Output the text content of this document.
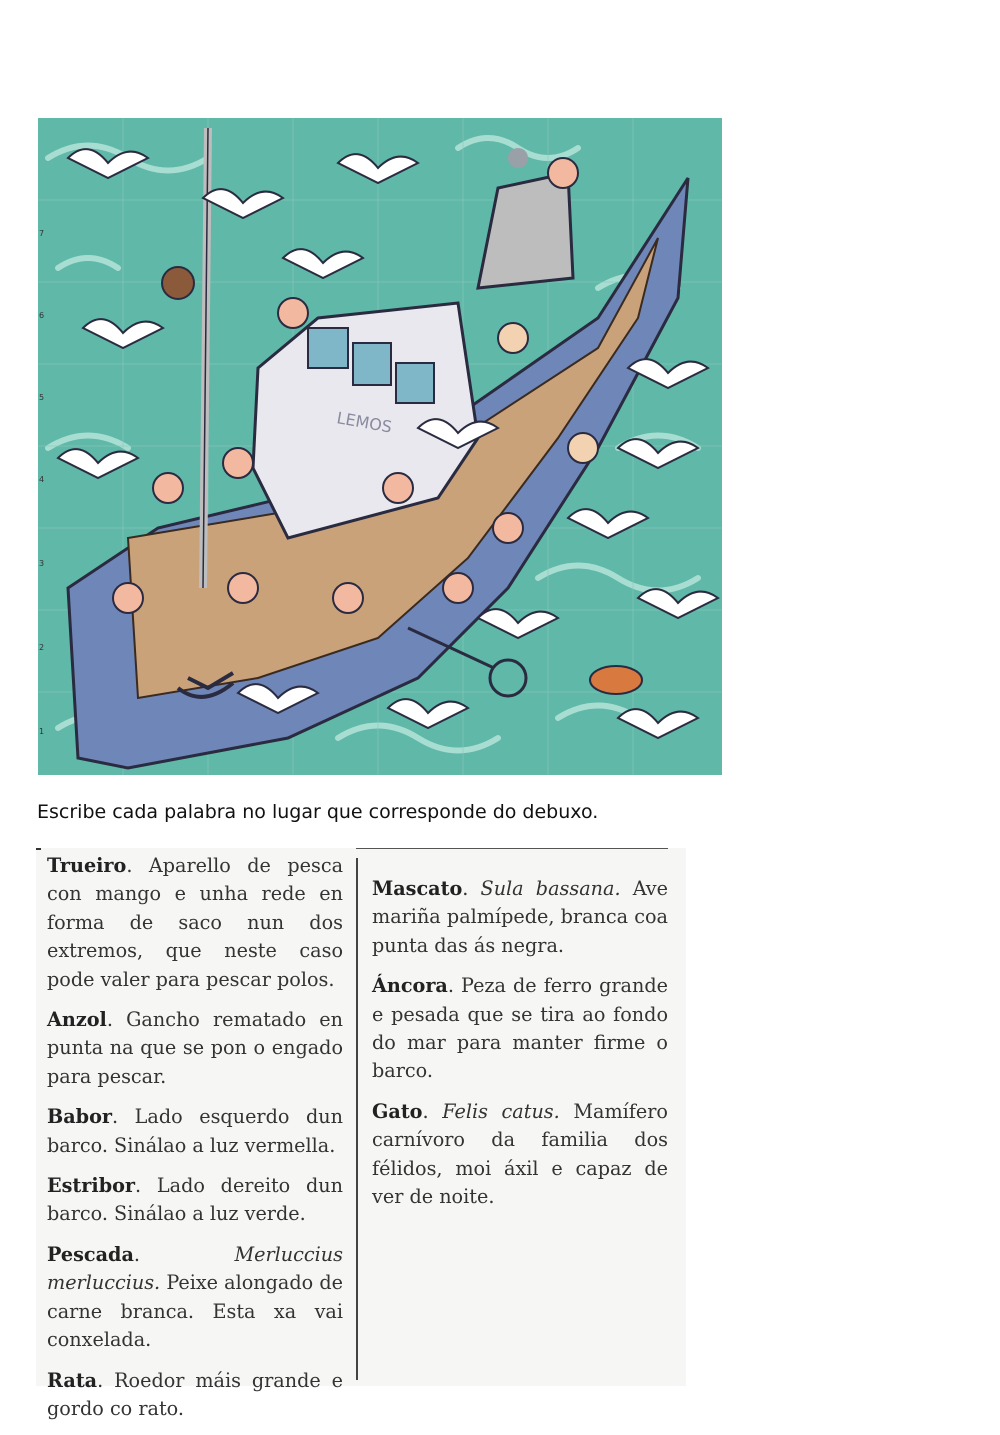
1
2
3
4
5
6
7
LEMOS
Escribe cada palabra no lugar que corresponde do debuxo.

Trueiro. Aparello de pesca con mango e unha rede en forma de saco nun dos extremos, que neste caso pode valer para pescar polos.

Anzol. Gancho rematado en punta na que se pon o engado para pescar.

Babor. Lado esquerdo dun barco. Sinálao a luz vermella.

Estribor. Lado dereito dun barco. Sinálao a luz verde.

Pescada. Merluccius merluccius. Peixe alongado de carne branca. Esta xa vai conxelada.

Rata. Roedor máis grande e gordo co rato.

Mascato. Sula bassana. Ave mariña palmípede, branca coa punta das ás negra.

Áncora. Peza de ferro grande e pesada que se tira ao fondo do mar para manter firme o barco.

Gato. Felis catus. Mamífero carnívoro da familia dos félidos, moi áxil e capaz de ver de noite.
